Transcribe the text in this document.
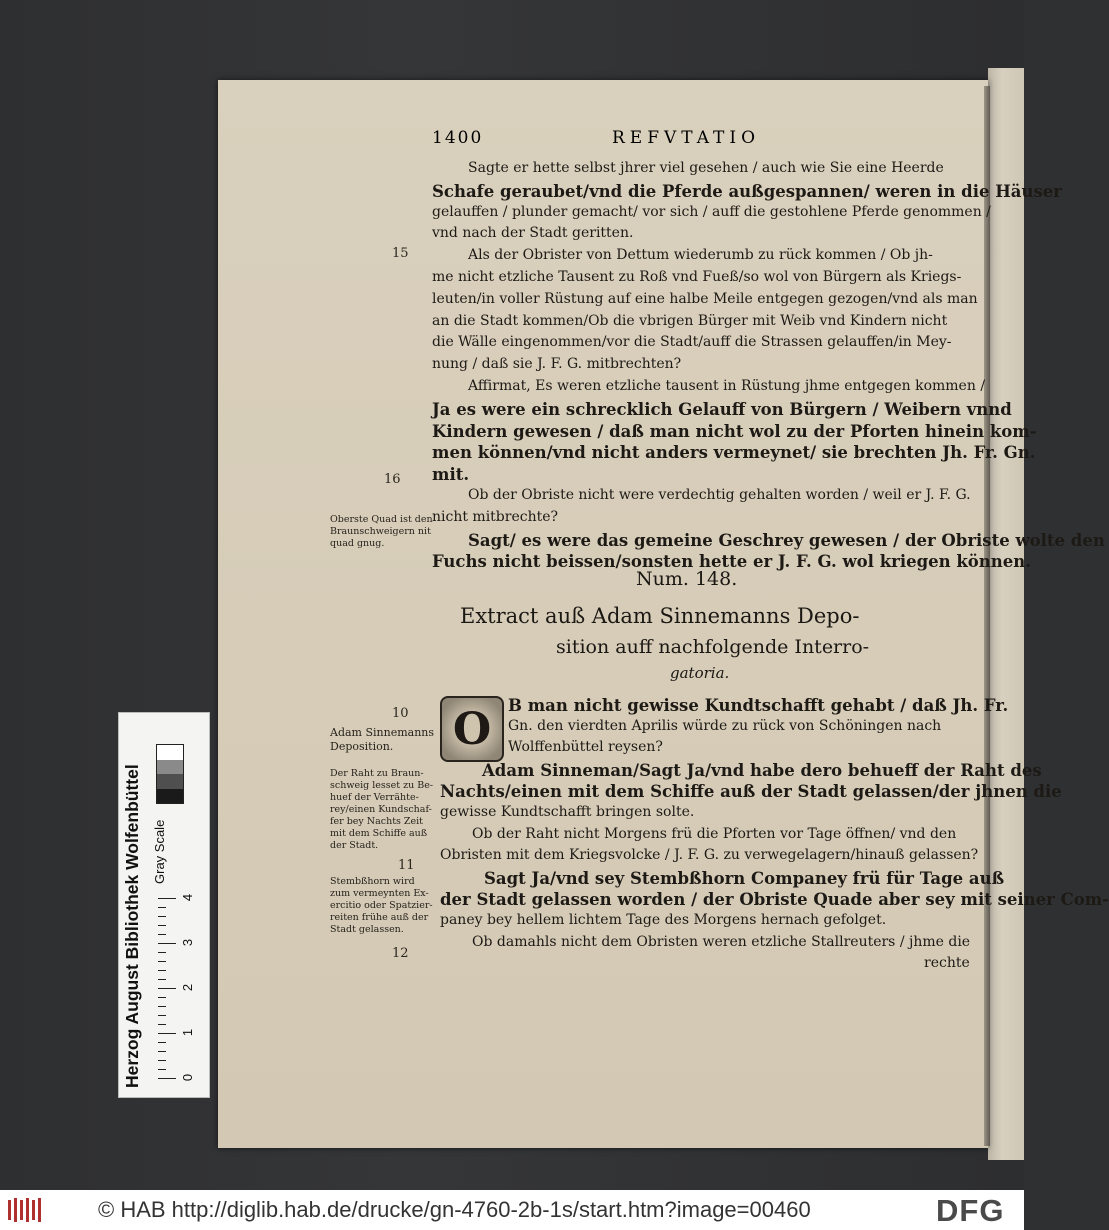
1400	REFVTATIO
Sagte er hette selbst jhrer viel gesehen / auch wie Sie eine Heerde
Schafe geraubet/vnd die Pferde außgespannen/ weren in die Häuser
gelauffen / plunder gemacht/ vor sich / auff die gestohlene Pferde genommen /
vnd nach der Stadt geritten.
Als der Obrister von Dettum wiederumb zu rück kommen / Ob jh-
me nicht etzliche Tausent zu Roß vnd Fueß/so wol von Bürgern als Kriegs-
leuten/in voller Rüstung auf eine halbe Meile entgegen gezogen/vnd als man
an die Stadt kommen/Ob die vbrigen Bürger mit Weib vnd Kindern nicht
die Wälle eingenommen/vor die Stadt/auff die Strassen gelauffen/in Mey-
nung / daß sie J. F. G. mitbrechten?
Affirmat, Es weren etzliche tausent in Rüstung jhme entgegen kommen /
Ja es were ein schrecklich Gelauff von Bürgern / Weibern vnnd
Kindern gewesen / daß man nicht wol zu der Pforten hinein kom-
men können/vnd nicht anders vermeynet/ sie brechten Jh. Fr. Gn.
mit.
Ob der Obriste nicht were verdechtig gehalten worden / weil er J. F. G.
nicht mitbrechte?
Sagt/ es were das gemeine Geschrey gewesen / der Obriste wolte den
Fuchs nicht beissen/sonsten hette er J. F. G. wol kriegen können.
15
16
10
11
12
Oberste Quad ist den
Braunschweigern nit
quad gnug.
Num. 148.
Extract auß Adam Sinnemanns Depo-
sition auff nachfolgende Interro-
gatoria.
O
Adam Sinnemanns
Deposition.
Der Raht zu Braun-
schweig lesset zu Be-
huef der Verrähte-
rey/einen Kundschaf-
fer bey Nachts Zeit
mit dem Schiffe auß
der Stadt.
Stembßhorn wird
zum vermeynten Ex-
ercitio oder Spatzier-
reiten frühe auß der
Stadt gelassen.
B man nicht gewisse Kundtschafft gehabt / daß Jh. Fr.
Gn. den vierdten Aprilis würde zu rück von Schöningen nach
Wolffenbüttel reysen?
Adam Sinneman/Sagt Ja/vnd habe dero behueff der Raht des
Nachts/einen mit dem Schiffe auß der Stadt gelassen/der jhnen die
gewisse Kundtschafft bringen solte.
Ob der Raht nicht Morgens frü die Pforten vor Tage öffnen/ vnd den
Obristen mit dem Kriegsvolcke / J. F. G. zu verwegelagern/hinauß gelassen?
Sagt Ja/vnd sey Stembßhorn Companey frü für Tage auß
der Stadt gelassen worden / der Obriste Quade aber sey mit seiner Com-
paney bey hellem lichtem Tage des Morgens hernach gefolget.
Ob damahls nicht dem Obristen weren etzliche Stallreuters / jhme die
rechte
Herzog August Bibliothek Wolfenbüttel Gray Scale
0
1
2
3
4
© HAB http://diglib.hab.de/drucke/gn-4760-2b-1s/start.htm?image=00460	DFG
